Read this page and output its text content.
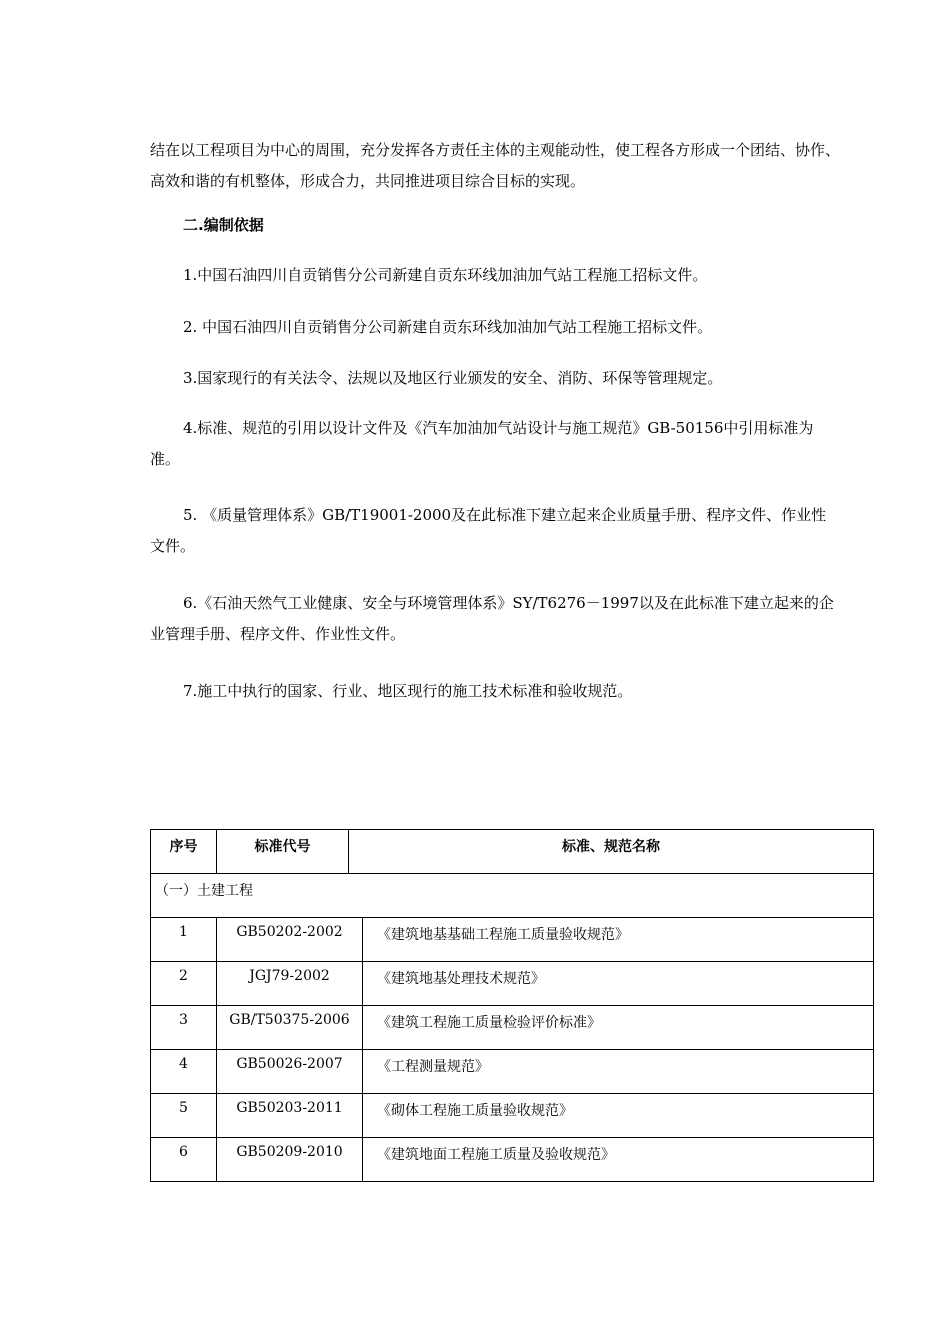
结在以工程项目为中心的周围，充分发挥各方责任主体的主观能动性，使工程各方形成一个团结、协作、高效和谐的有机整体，形成合力，共同推进项目综合目标的实现。

二.编制依据

1.中国石油四川自贡销售分公司新建自贡东环线加油加气站工程施工招标文件。

2. 中国石油四川自贡销售分公司新建自贡东环线加油加气站工程施工招标文件。

3.国家现行的有关法令、法规以及地区行业颁发的安全、消防、环保等管理规定。

4.标准、规范的引用以设计文件及《汽车加油加气站设计与施工规范》GB-50156中引用标准为准。

5. 《质量管理体系》GB/T19001-2000及在此标准下建立起来企业质量手册、程序文件、作业性文件。

6.《石油天然气工业健康、安全与环境管理体系》SY/T6276－1997以及在此标准下建立起来的企业管理手册、程序文件、作业性文件。

7.施工中执行的国家、行业、地区现行的施工技术标准和验收规范。

序号	标准代号	标准、规范名称	
（一）土建工程			
1	GB50202-2002		《建筑地基基础工程施工质量验收规范》
2	JGJ79-2002		《建筑地基处理技术规范》
3	GB/T50375-2006		《建筑工程施工质量检验评价标准》
4	GB50026-2007		《工程测量规范》
5	GB50203-2011		《砌体工程施工质量验收规范》
6	GB50209-2010		《建筑地面工程施工质量及验收规范》
